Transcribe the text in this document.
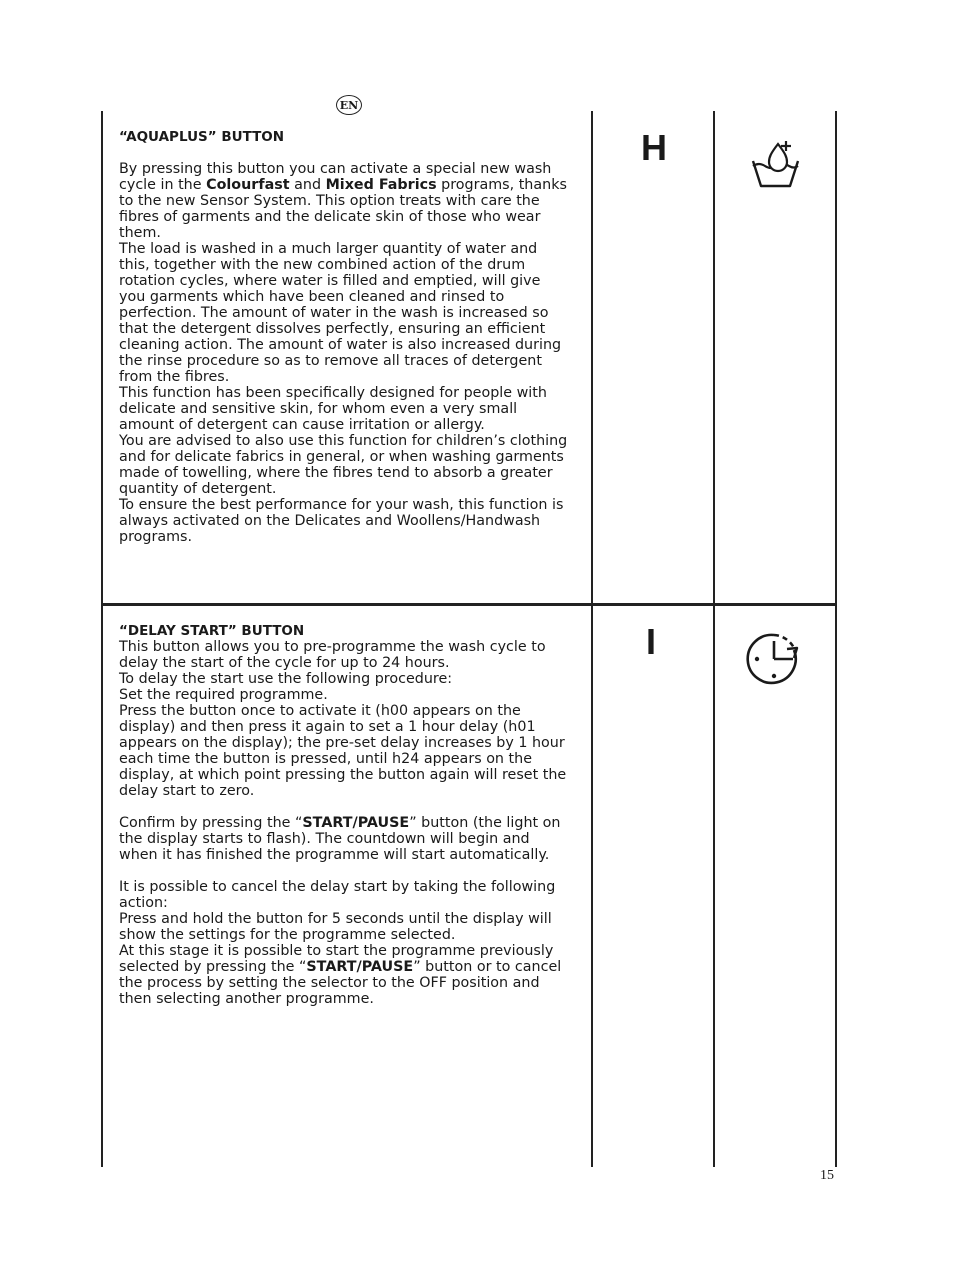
EN

“AQUAPLUS” BUTTON

By pressing this button you can activate a special new wash cycle in the Colourfast and Mixed Fabrics programs, thanks to the new Sensor System. This option treats with care the fibres of garments and the delicate skin of those who wear them.

The load is washed in a much larger quantity of water and this, together with the new combined action of the drum rotation cycles, where water is filled and emptied, will give you garments which have been cleaned and rinsed to perfection. The amount of water in the wash is increased so that the detergent dissolves perfectly, ensuring an efficient cleaning action. The amount of water is also increased during the rinse procedure so as to remove all traces of detergent from the fibres.

This function has been specifically designed for people with delicate and sensitive skin, for whom even a very small amount of detergent can cause irritation or allergy.

You are advised to also use this function for children’s clothing and for delicate fabrics in general, or when washing garments made of towelling, where the fibres tend to absorb a greater quantity of detergent.

To ensure the best performance for your wash, this function is always activated on the Delicates and Woollens/Handwash programs.

H

“DELAY START” BUTTON

This button allows you to pre-programme the wash cycle to delay the start of the cycle for up to 24 hours.

To delay the start use the following procedure:

Set the required programme.

Press the button once to activate it (h00 appears on the display) and then press it again to set a 1 hour delay (h01 appears on the display); the pre-set delay increases by 1 hour each time the button is pressed, until h24 appears on the display, at which point pressing the button again will reset the delay start to zero.

Confirm by pressing the “START/PAUSE” button (the light on the display starts to flash). The countdown will begin and when it has finished the programme will start automatically.

It is possible to cancel the delay start by taking the following action:

Press and hold the button for 5 seconds until the display will show the settings for the programme selected.

At this stage it is possible to start the programme previously selected by pressing the “START/PAUSE” button or to cancel the process by setting the selector to the OFF position and then selecting another programme.

I
15
